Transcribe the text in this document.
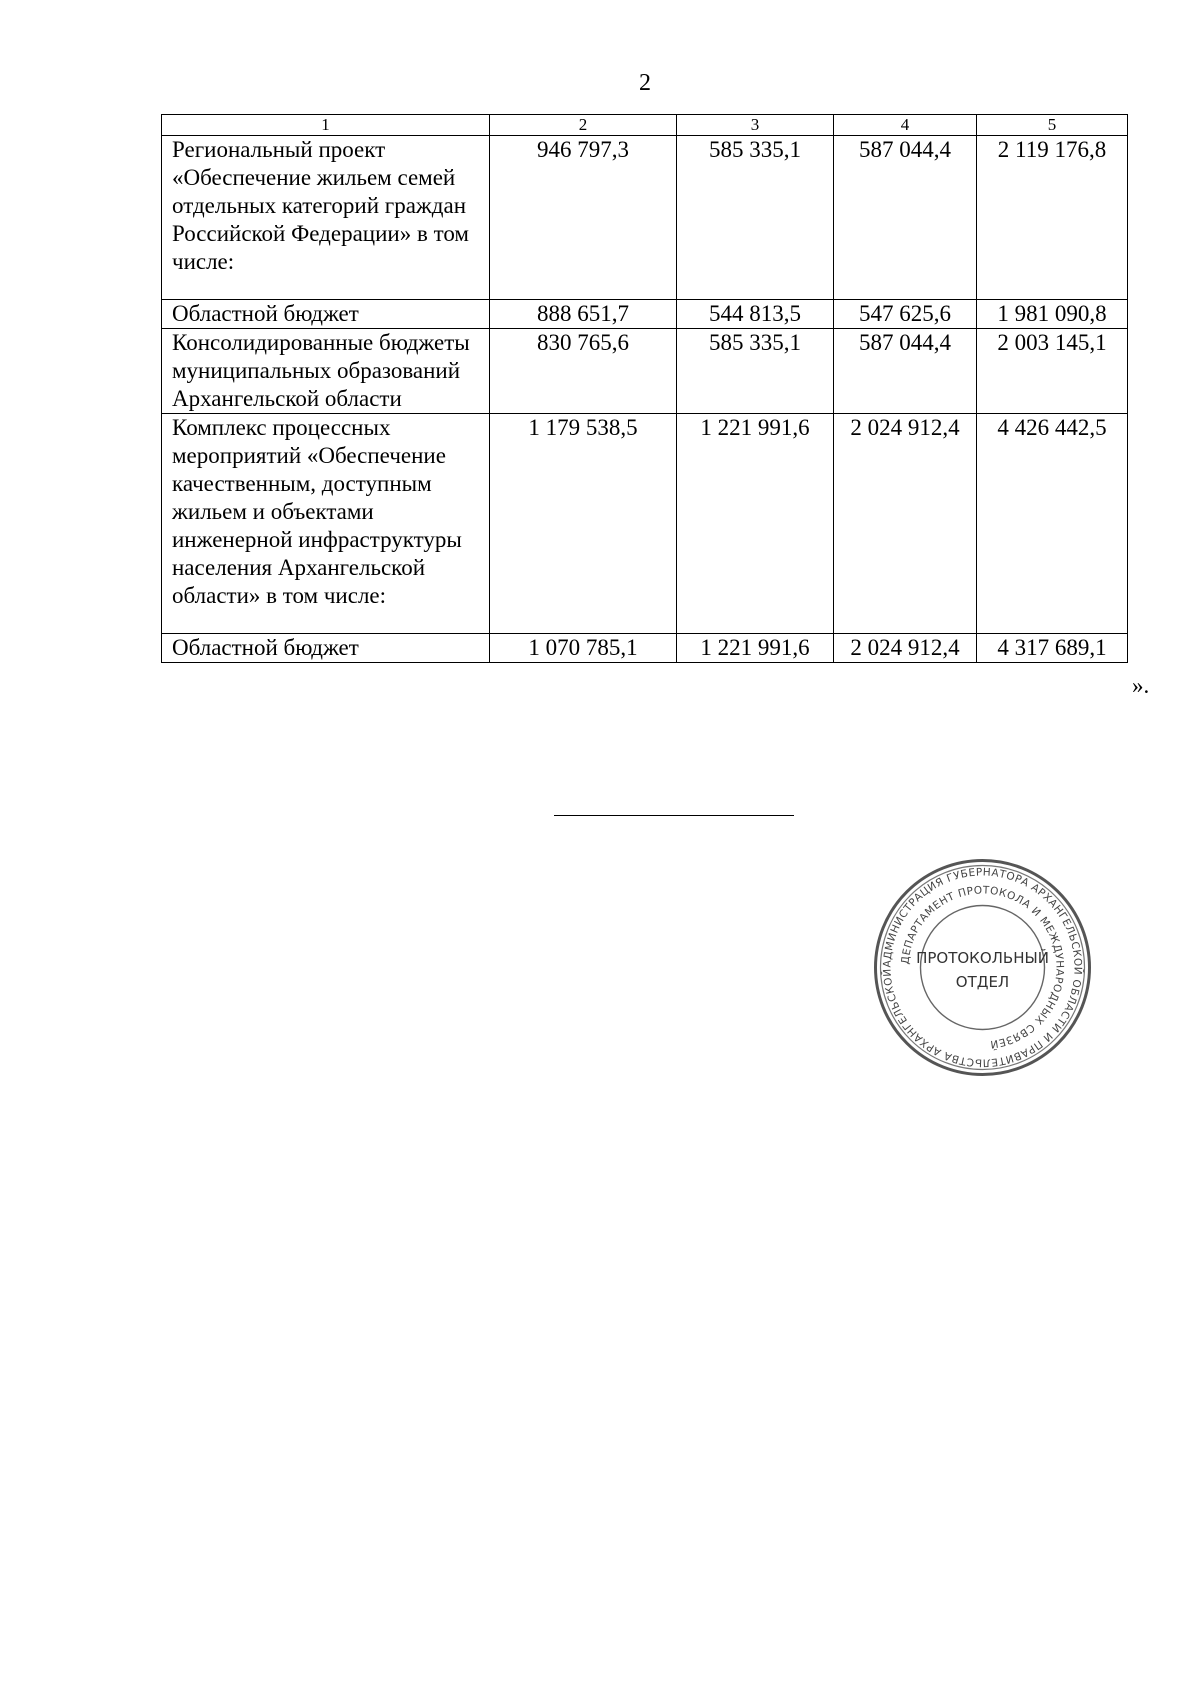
2
1	2	3	4	5
Региональный проект «Обеспечение жильем семей отдельных категорий граждан Российской Федерации» в том числе:	946 797,3	585 335,1	587 044,4	2 119 176,8
Областной бюджет	888 651,7	544 813,5	547 625,6	1 981 090,8
Консолидированные бюджеты муниципальных образований Архангельской области	830 765,6	585 335,1	587 044,4	2 003 145,1
Комплекс процессных мероприятий «Обеспечение качественным, доступным жильем и объектами инженерной инфраструктуры населения Архангельской области» в том числе:	1 179 538,5	1 221 991,6	2 024 912,4	4 426 442,5
Областной бюджет	1 070 785,1	1 221 991,6	2 024 912,4	4 317 689,1
».
АДМИНИСТРАЦИЯ ГУБЕРНАТОРА АРХАНГЕЛЬСКОЙ ОБЛАСТИ И ПРАВИТЕЛЬСТВА АРХАНГЕЛЬСКОЙ
ДЕПАРТАМЕНТ ПРОТОКОЛА И МЕЖДУНАРОДНЫХ СВЯЗЕЙ
ПРОТОКОЛЬНЫЙ
ОТДЕЛ
